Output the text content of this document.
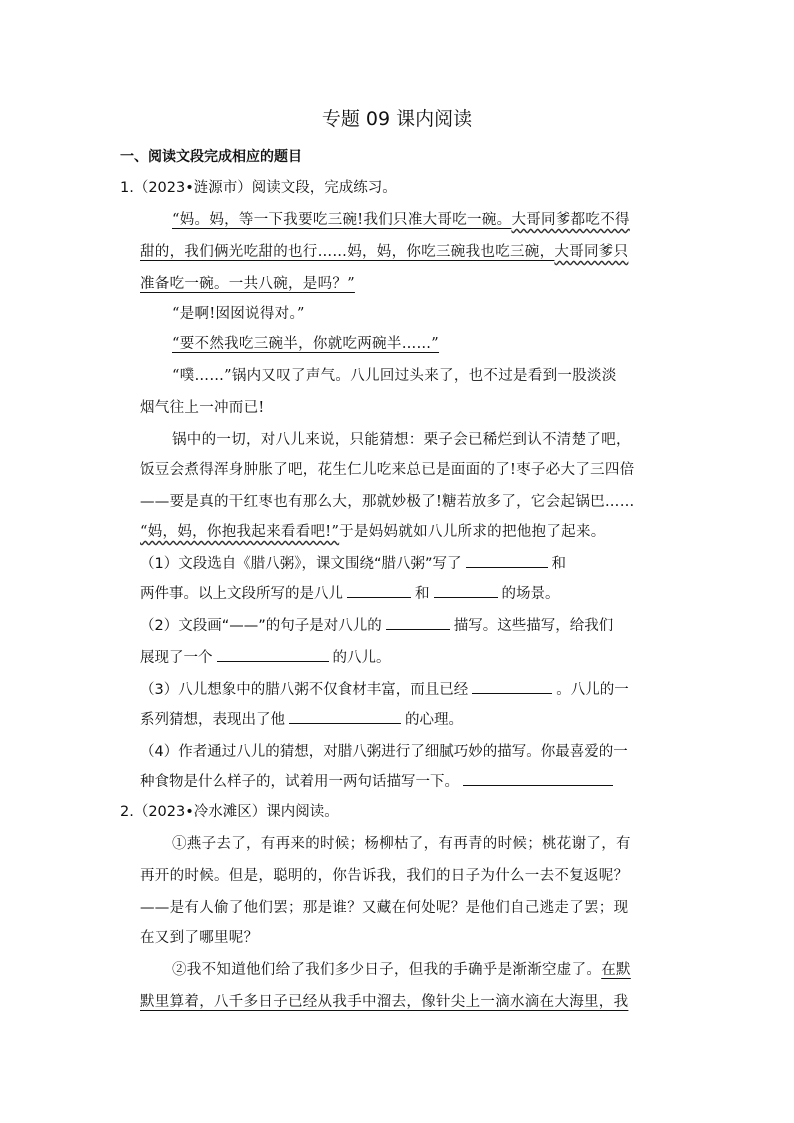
专题 09 课内阅读
一、阅读文段完成相应的题目
1.（2023•涟源市）阅读文段，完成练习。
“妈。妈，等一下我要吃三碗!我们只准大哥吃一碗。大哥同爹都吃不得
甜的，我们俩光吃甜的也行……妈，妈，你吃三碗我也吃三碗，大哥同爹只
准备吃一碗。一共八碗，是吗？”
“是啊!囡囡说得对。”
“要不然我吃三碗半，你就吃两碗半……”
“噗……”锅内又叹了声气。八儿回过头来了，也不过是看到一股淡淡
烟气往上一冲而已!
锅中的一切，对八儿来说，只能猜想：栗子会已稀烂到认不清楚了吧，
饭豆会煮得浑身肿胀了吧，花生仁儿吃来总已是面面的了!枣子必大了三四倍
——要是真的干红枣也有那么大，那就妙极了!糖若放多了，它会起锅巴……
“妈，妈，你抱我起来看看吧!”于是妈妈就如八儿所求的把他抱了起来。
（1）文段选自《腊八粥》，课文围绕“腊八粥”写了	和
两件事。以上文段所写的是八儿	和	的场景。
（2）文段画“——”的句子是对八儿的	描写。这些描写，给我们
展现了一个	的八儿。
（3）八儿想象中的腊八粥不仅食材丰富，而且已经	。八儿的一
系列猜想，表现出了他	的心理。
（4）作者通过八儿的猜想，对腊八粥进行了细腻巧妙的描写。你最喜爱的一
种食物是什么样子的，试着用一两句话描写一下。
2.（2023•冷水滩区）课内阅读。
①燕子去了，有再来的时候；杨柳枯了，有再青的时候；桃花谢了，有
再开的时候。但是，聪明的，你告诉我，我们的日子为什么一去不复返呢？
——是有人偷了他们罢；那是谁？又藏在何处呢？是他们自己逃走了罢；现
在又到了哪里呢？
②我不知道他们给了我们多少日子，但我的手确乎是渐渐空虚了。在默
默里算着，八千多日子已经从我手中溜去，像针尖上一滴水滴在大海里，我
